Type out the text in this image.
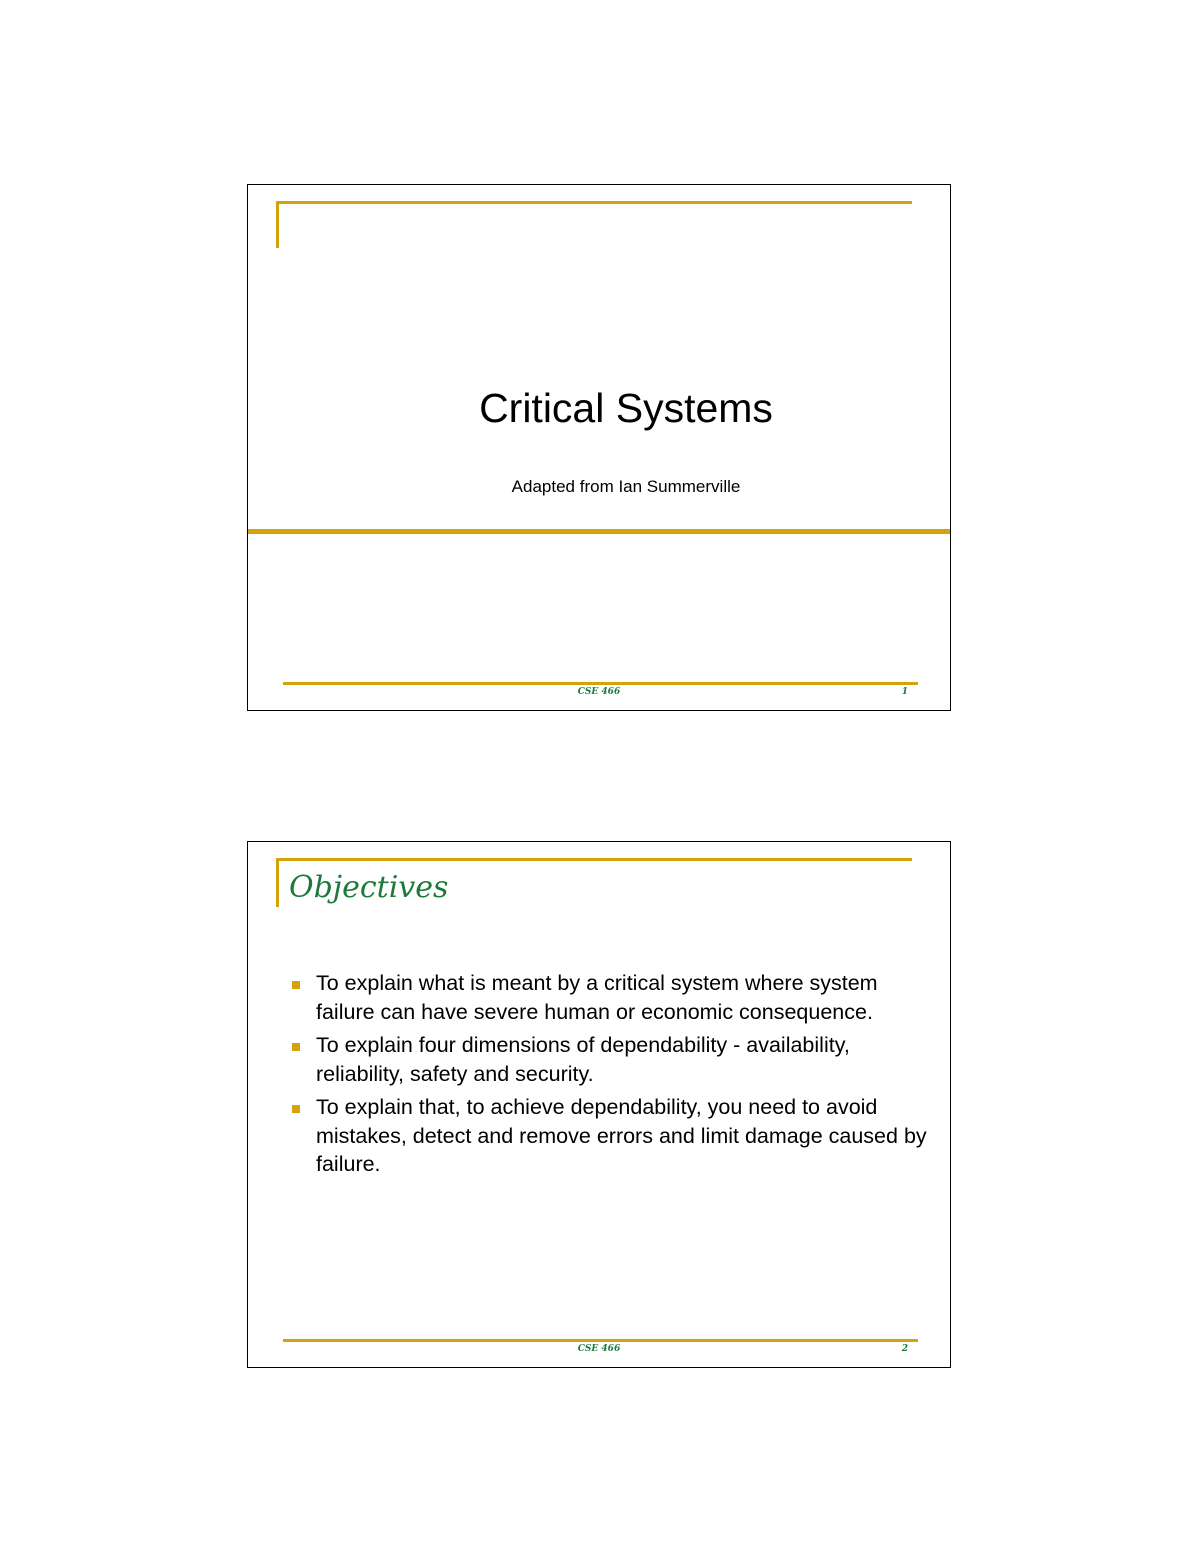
Critical Systems
Adapted from Ian Summerville
CSE 466	1
Objectives
To explain what is meant by a critical system where system failure can have severe human or economic consequence.
To explain four dimensions of dependability - availability, reliability, safety and security.
To explain that, to achieve dependability, you need to avoid mistakes, detect and remove errors and limit damage caused by failure.
CSE 466	2
